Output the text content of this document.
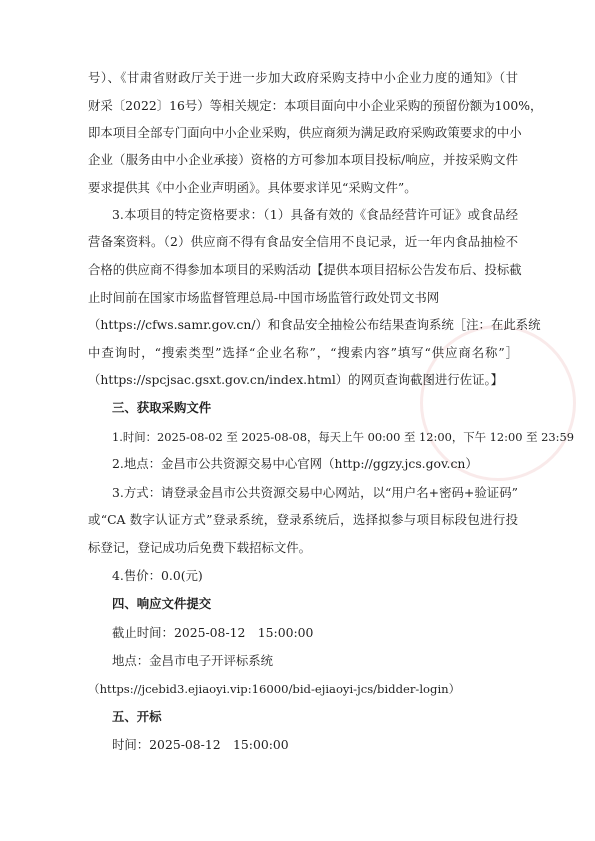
号）、《甘肃省财政厅关于进一步加大政府采购支持中小企业力度的通知》（甘
财采〔2022〕16号）等相关规定：本项目面向中小企业采购的预留份额为100%，
即本项目全部专门面向中小企业采购，供应商须为满足政府采购政策要求的中小
企业（服务由中小企业承接）资格的方可参加本项目投标/响应，并按采购文件
要求提供其《中小企业声明函》。具体要求详见“采购文件”。
3.本项目的特定资格要求：（1）具备有效的《食品经营许可证》或食品经
营备案资料。（2）供应商不得有食品安全信用不良记录，近一年内食品抽检不
合格的供应商不得参加本项目的采购活动【提供本项目招标公告发布后、投标截
止时间前在国家市场监督管理总局-中国市场监管行政处罚文书网
（https://cfws.samr.gov.cn/）和食品安全抽检公布结果查询系统［注：在此系统
中查询时，“搜索类型”选择“企业名称”，“搜索内容”填写“供应商名称”］
（https://spcjsac.gsxt.gov.cn/index.html）的网页查询截图进行佐证。】
三、获取采购文件
1.时间：2025-08-02 至 2025-08-08，每天上午 00:00 至 12:00，下午 12:00 至 23:59
2.地点：金昌市公共资源交易中心官网（http://ggzy.jcs.gov.cn）
3.方式：请登录金昌市公共资源交易中心网站，以“用户名+密码+验证码”
或“CA 数字认证方式”登录系统，登录系统后，选择拟参与项目标段包进行投
标登记，登记成功后免费下载招标文件。
4.售价：0.0(元)
四、响应文件提交
截止时间：2025-08-12　15:00:00
地点：金昌市电子开评标系统
（https://jcebid3.ejiaoyi.vip:16000/bid-ejiaoyi-jcs/bidder-login）
五、开标
时间：2025-08-12　15:00:00
